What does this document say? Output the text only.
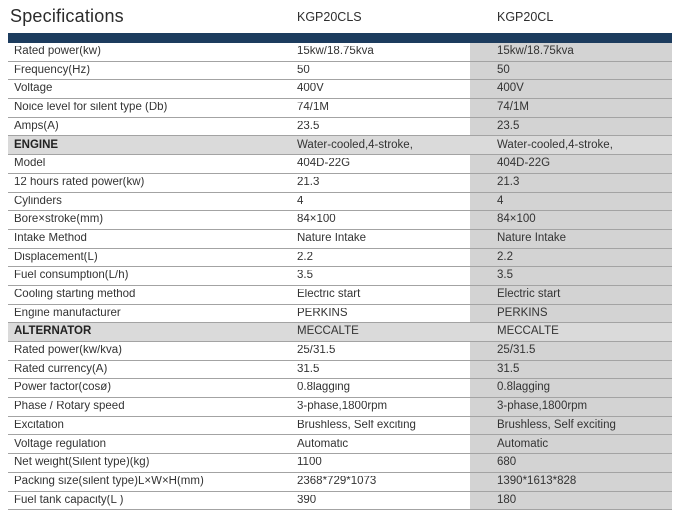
Specifications	KGP20CLS	KGP20CL
Rated power(kw)	15kw/18.75kva	15kw/18.75kva
Frequency(Hz)	50	50
Voltage	400V	400V
Noice level for silent type (Db)	74/1M	74/1M
Amps(A)	23.5	23.5
ENGINE	Water-cooled,4-stroke,	Water-cooled,4-stroke,
Model	404D-22G	404D-22G
12 hours rated power(kw)	21.3	21.3
Cylinders	4	4
Bore×stroke(mm)	84×100	84×100
Intake Method	Nature Intake	Nature Intake
Displacement(L)	2.2	2.2
Fuel consumption(L/h)	3.5	3.5
Cooling starting method	Electric start	Electric start
Engine manufacturer	PERKINS	PERKINS
ALTERNATOR	MECCALTE	MECCALTE
Rated power(kw/kva)	25/31.5	25/31.5
Rated currency(A)	31.5	31.5
Power factor(cosø)	0.8lagging	0.8lagging
Phase / Rotary speed	3-phase,1800rpm	3-phase,1800rpm
Excitation	Brushless, Self exciting	Brushless, Self exciting
Voltage regulation	Automatic	Automatic
Net weight(Silent type)(kg)	1100	680
Packing size(silent type)L×W×H(mm)	2368*729*1073	1390*1613*828
Fuel tank capacity(L )	390	180
